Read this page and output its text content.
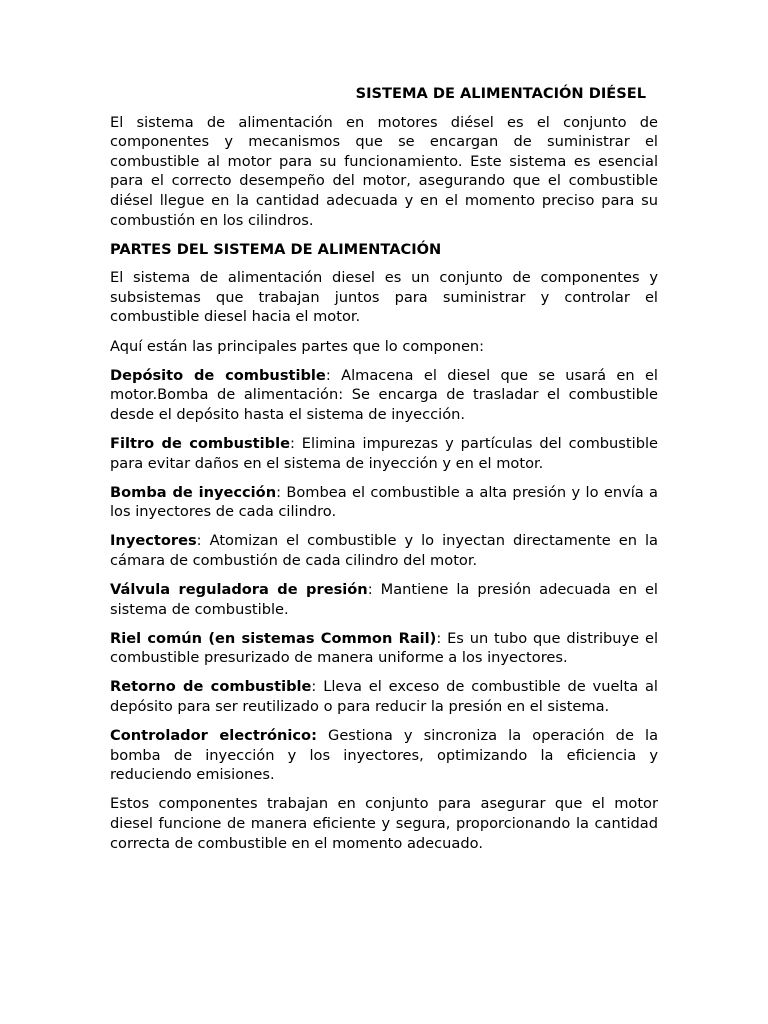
SISTEMA DE ALIMENTACIÓN DIÉSEL

El sistema de alimentación en motores diésel es el conjunto de componentes y mecanismos que se encargan de suministrar el combustible al motor para su funcionamiento. Este sistema es esencial para el correcto desempeño del motor, asegurando que el combustible diésel llegue en la cantidad adecuada y en el momento preciso para su combustión en los cilindros.

PARTES DEL SISTEMA DE ALIMENTACIÓN

El sistema de alimentación diesel es un conjunto de componentes y subsistemas que trabajan juntos para suministrar y controlar el combustible diesel hacia el motor.

Aquí están las principales partes que lo componen:

Depósito de combustible: Almacena el diesel que se usará en el motor.Bomba de alimentación: Se encarga de trasladar el combustible desde el depósito hasta el sistema de inyección.

Filtro de combustible: Elimina impurezas y partículas del combustible para evitar daños en el sistema de inyección y en el motor.

Bomba de inyección: Bombea el combustible a alta presión y lo envía a los inyectores de cada cilindro.

Inyectores: Atomizan el combustible y lo inyectan directamente en la cámara de combustión de cada cilindro del motor.

Válvula reguladora de presión: Mantiene la presión adecuada en el sistema de combustible.

Riel común (en sistemas Common Rail): Es un tubo que distribuye el combustible presurizado de manera uniforme a los inyectores.

Retorno de combustible: Lleva el exceso de combustible de vuelta al depósito para ser reutilizado o para reducir la presión en el sistema.

Controlador electrónico: Gestiona y sincroniza la operación de la bomba de inyección y los inyectores, optimizando la eficiencia y reduciendo emisiones.

Estos componentes trabajan en conjunto para asegurar que el motor diesel funcione de manera eficiente y segura, proporcionando la cantidad correcta de combustible en el momento adecuado.
